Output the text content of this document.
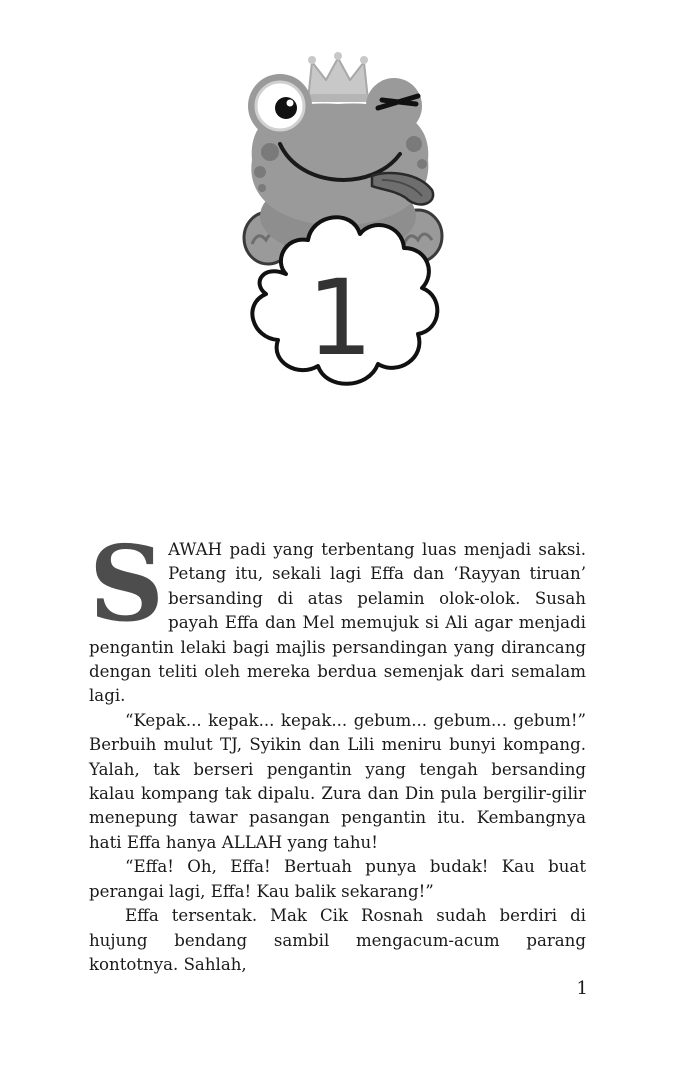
1

SAWAH padi yang terbentang luas menjadi saksi. Petang itu, sekali lagi Effa dan ‘Rayyan tiruan’ bersanding di atas pelamin olok-olok. Susah payah Effa dan Mel memujuk si Ali agar menjadi pengantin lelaki bagi majlis persandingan yang dirancang dengan teliti oleh mereka berdua semenjak dari semalam lagi.

“Kepak... kepak... kepak... gebum... gebum... gebum!” Berbuih mulut TJ, Syikin dan Lili meniru bunyi kompang. Yalah, tak berseri pengantin yang tengah bersanding kalau kompang tak dipalu. Zura dan Din pula bergilir-gilir menepung tawar pasangan pengantin itu. Kembangnya hati Effa hanya ALLAH yang tahu!

“Effa! Oh, Effa! Bertuah punya budak! Kau buat perangai lagi, Effa! Kau balik sekarang!”

Effa tersentak. Mak Cik Rosnah sudah berdiri di hujung bendang sambil mengacum-acum parang kontotnya. Sahlah,

1
